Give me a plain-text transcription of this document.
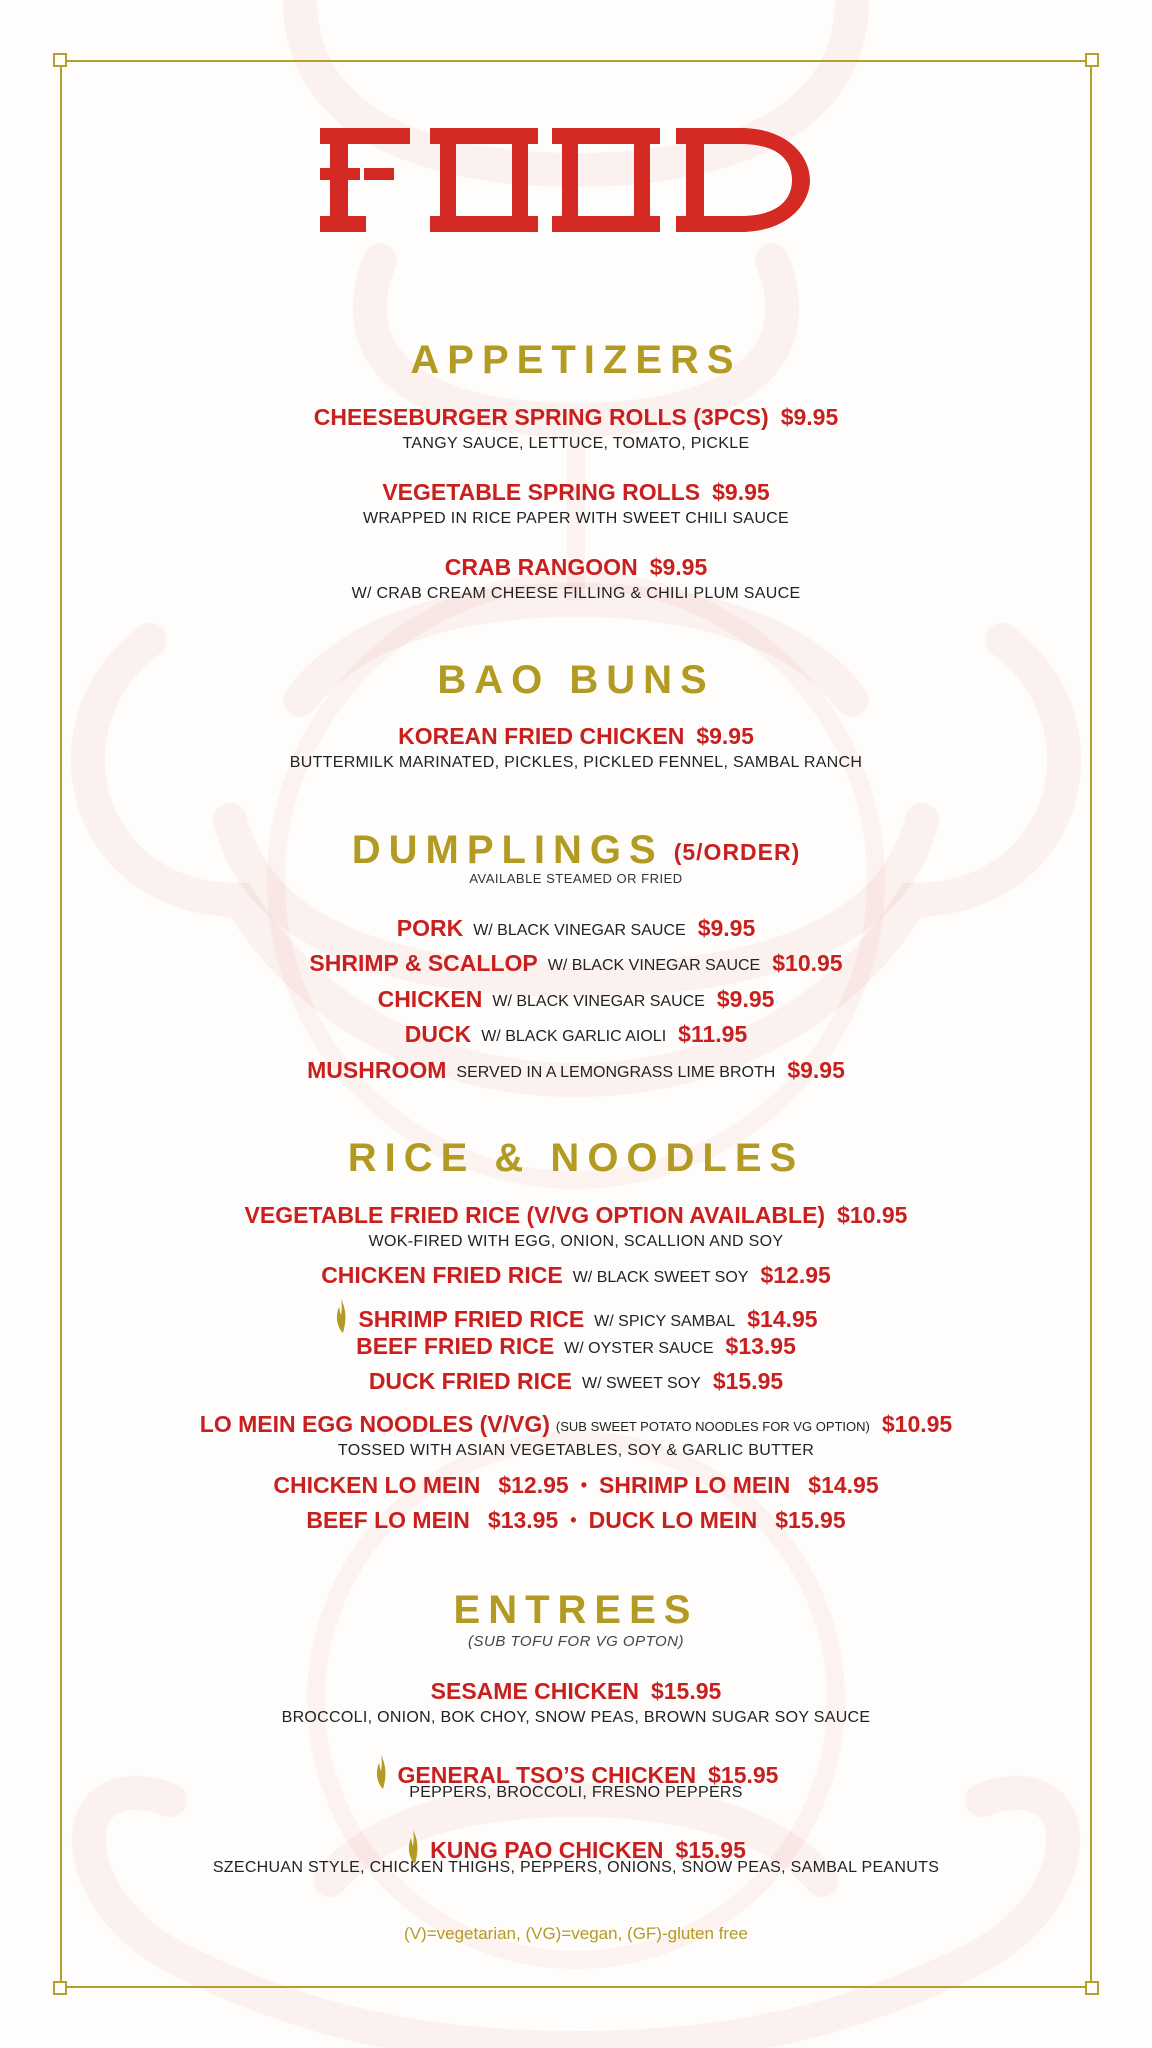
APPETIZERS
CHEESEBURGER SPRING ROLLS (3PCS) $9.95
TANGY SAUCE, LETTUCE, TOMATO, PICKLE
VEGETABLE SPRING ROLLS $9.95
WRAPPED IN RICE PAPER WITH SWEET CHILI SAUCE
CRAB RANGOON $9.95
W/ CRAB CREAM CHEESE FILLING & CHILI PLUM SAUCE
BAO BUNS
KOREAN FRIED CHICKEN $9.95
BUTTERMILK MARINATED, PICKLES, PICKLED FENNEL, SAMBAL RANCH
DUMPLINGS (5/ORDER)
AVAILABLE STEAMED OR FRIED
PORK W/ BLACK VINEGAR SAUCE $9.95
SHRIMP & SCALLOP W/ BLACK VINEGAR SAUCE $10.95
CHICKEN W/ BLACK VINEGAR SAUCE $9.95
DUCK W/ BLACK GARLIC AIOLI $11.95
MUSHROOM SERVED IN A LEMONGRASS LIME BROTH $9.95
RICE & NOODLES
VEGETABLE FRIED RICE (V/VG OPTION AVAILABLE) $10.95
WOK-FIRED WITH EGG, ONION, SCALLION AND SOY
CHICKEN FRIED RICE W/ BLACK SWEET SOY $12.95
SHRIMP FRIED RICE W/ SPICY SAMBAL $14.95
BEEF FRIED RICE W/ OYSTER SAUCE $13.95
DUCK FRIED RICE W/ SWEET SOY $15.95
LO MEIN EGG NOODLES (V/VG) (SUB SWEET POTATO NOODLES FOR VG OPTION) $10.95
TOSSED WITH ASIAN VEGETABLES, SOY & GARLIC BUTTER
CHICKEN LO MEIN $12.95 • SHRIMP LO MEIN $14.95
BEEF LO MEIN $13.95 • DUCK LO MEIN $15.95
ENTREES
(SUB TOFU FOR VG OPTON)
SESAME CHICKEN $15.95
BROCCOLI, ONION, BOK CHOY, SNOW PEAS, BROWN SUGAR SOY SAUCE
GENERAL TSO’S CHICKEN $15.95
PEPPERS, BROCCOLI, FRESNO PEPPERS
KUNG PAO CHICKEN $15.95
SZECHUAN STYLE, CHICKEN THIGHS, PEPPERS, ONIONS, SNOW PEAS, SAMBAL PEANUTS
(V)=vegetarian, (VG)=vegan, (GF)-gluten free
